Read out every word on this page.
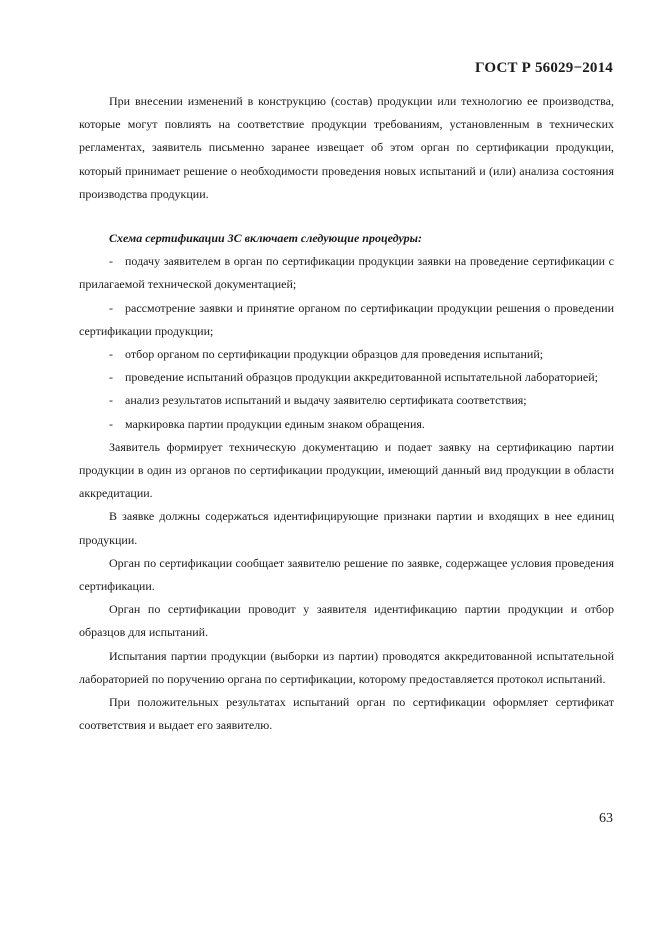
ГОСТ Р 56029−2014

При внесении изменений в конструкцию (состав) продукции или технологию ее производства, которые могут повлиять на соответствие продукции требованиям, установленным в технических регламентах, заявитель письменно заранее извещает об этом орган по сертификации продукции, который принимает решение о необходимости проведения новых испытаний и (или) анализа состояния производства продукции.

Схема сертификации 3С включает следующие процедуры:

- подачу заявителем в орган по сертификации продукции заявки на проведение сертификации с прилагаемой технической документацией;

- рассмотрение заявки и принятие органом по сертификации продукции решения о проведении сертификации продукции;

- отбор органом по сертификации продукции образцов для проведения испытаний;

- проведение испытаний образцов продукции аккредитованной испытательной лабораторией;

- анализ результатов испытаний и выдачу заявителю сертификата соответствия;

- маркировка партии продукции единым знаком обращения.

Заявитель формирует техническую документацию и подает заявку на сертификацию партии продукции в один из органов по сертификации продукции, имеющий данный вид продукции в области аккредитации.

В заявке должны содержаться идентифицирующие признаки партии и входящих в нее единиц продукции.

Орган по сертификации сообщает заявителю решение по заявке, содержащее условия проведения сертификации.

Орган по сертификации проводит у заявителя идентификацию партии продукции и отбор образцов для испытаний.

Испытания партии продукции (выборки из партии) проводятся аккредитованной испытательной лабораторией по поручению органа по сертификации, которому предоставляется протокол испытаний.

При положительных результатах испытаний орган по сертификации оформляет сертификат соответствия и выдает его заявителю.

63
